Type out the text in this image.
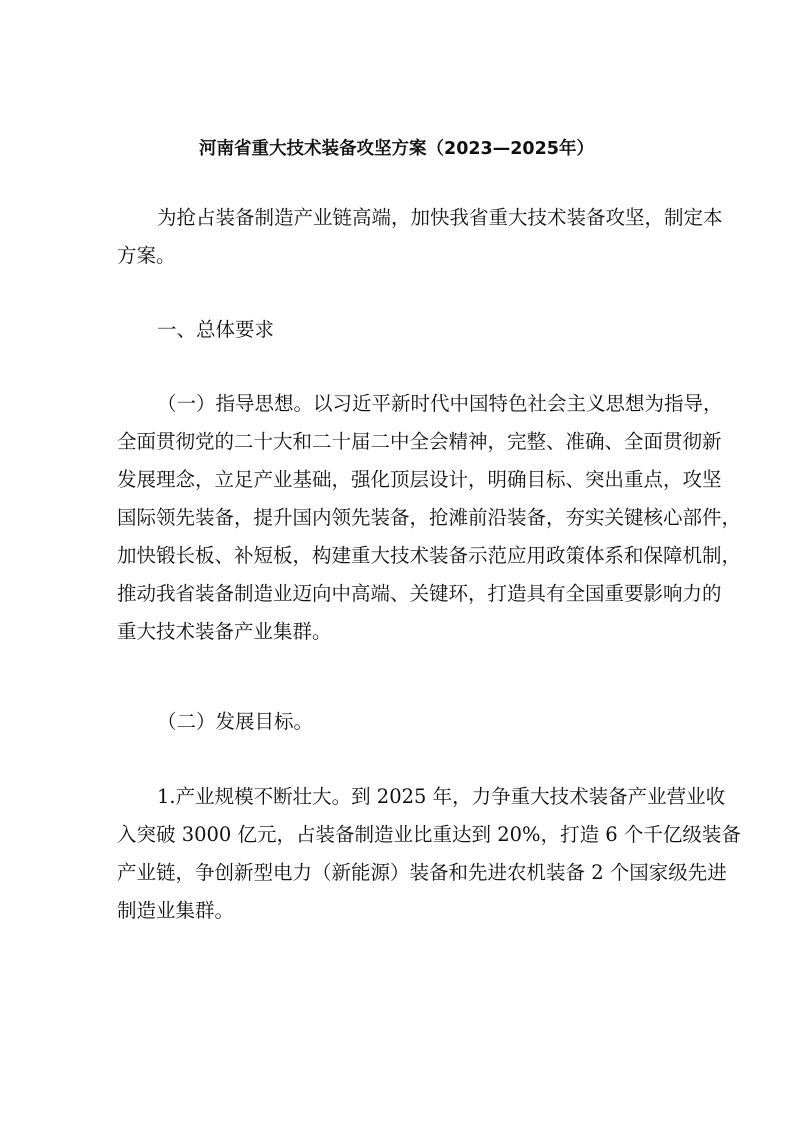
河南省重大技术装备攻坚方案（2023—2025年）
为抢占装备制造产业链高端，加快我省重大技术装备攻坚，制定本
方案。
一、总体要求
（一）指导思想。以习近平新时代中国特色社会主义思想为指导，
全面贯彻党的二十大和二十届二中全会精神，完整、准确、全面贯彻新
发展理念，立足产业基础，强化顶层设计，明确目标、突出重点，攻坚
国际领先装备，提升国内领先装备，抢滩前沿装备，夯实关键核心部件，
加快锻长板、补短板，构建重大技术装备示范应用政策体系和保障机制，
推动我省装备制造业迈向中高端、关键环，打造具有全国重要影响力的
重大技术装备产业集群。
（二）发展目标。
1.产业规模不断壮大。到 2025 年，力争重大技术装备产业营业收
入突破 3000 亿元，占装备制造业比重达到 20%，打造 6 个千亿级装备
产业链，争创新型电力（新能源）装备和先进农机装备 2 个国家级先进
制造业集群。
